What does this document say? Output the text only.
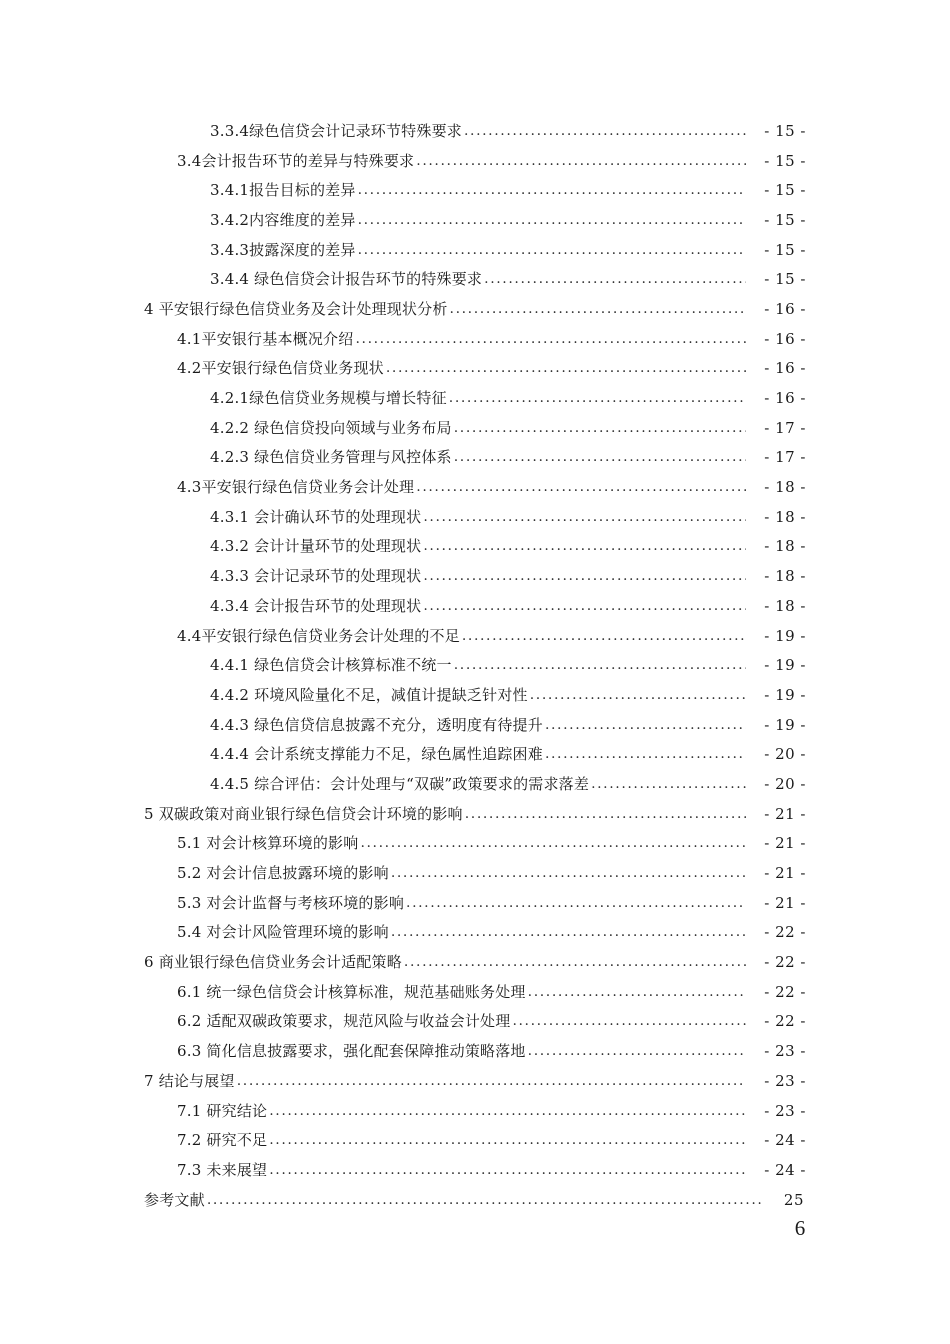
3.3.4绿色信贷会计记录环节特殊要求 .....	- 15 -
3.4会计报告环节的差异与特殊要求 .....	- 15 -
3.4.1报告目标的差异 .....	- 15 -
3.4.2内容维度的差异 .....	- 15 -
3.4.3披露深度的差异 .....	- 15 -
3.4.4 绿色信贷会计报告环节的特殊要求 .....	- 15 -
4 平安银行绿色信贷业务及会计处理现状分析 .....	- 16 -
4.1平安银行基本概况介绍 .....	- 16 -
4.2平安银行绿色信贷业务现状 .....	- 16 -
4.2.1绿色信贷业务规模与增长特征 .....	- 16 -
4.2.2 绿色信贷投向领域与业务布局 .....	- 17 -
4.2.3 绿色信贷业务管理与风控体系 .....	- 17 -
4.3平安银行绿色信贷业务会计处理 .....	- 18 -
4.3.1 会计确认环节的处理现状 .....	- 18 -
4.3.2 会计计量环节的处理现状 .....	- 18 -
4.3.3 会计记录环节的处理现状 .....	- 18 -
4.3.4 会计报告环节的处理现状 .....	- 18 -
4.4平安银行绿色信贷业务会计处理的不足 .....	- 19 -
4.4.1 绿色信贷会计核算标准不统一 .....	- 19 -
4.4.2 环境风险量化不足，减值计提缺乏针对性 .....	- 19 -
4.4.3 绿色信贷信息披露不充分，透明度有待提升 .....	- 19 -
4.4.4 会计系统支撑能力不足，绿色属性追踪困难 .....	- 20 -
4.4.5 综合评估：会计处理与“双碳”政策要求的需求落差 .....	- 20 -
5 双碳政策对商业银行绿色信贷会计环境的影响 .....	- 21 -
5.1 对会计核算环境的影响 .....	- 21 -
5.2 对会计信息披露环境的影响 .....	- 21 -
5.3 对会计监督与考核环境的影响 .....	- 21 -
5.4 对会计风险管理环境的影响 .....	- 22 -
6 商业银行绿色信贷业务会计适配策略 .....	- 22 -
6.1 统一绿色信贷会计核算标准，规范基础账务处理 .....	- 22 -
6.2 适配双碳政策要求，规范风险与收益会计处理 .....	- 22 -
6.3 简化信息披露要求，强化配套保障推动策略落地 .....	- 23 -
7 结论与展望 .....	- 23 -
7.1 研究结论 .....	- 23 -
7.2 研究不足 .....	- 24 -
7.3 未来展望 .....	- 24 -
参考文献 .....	25
6
